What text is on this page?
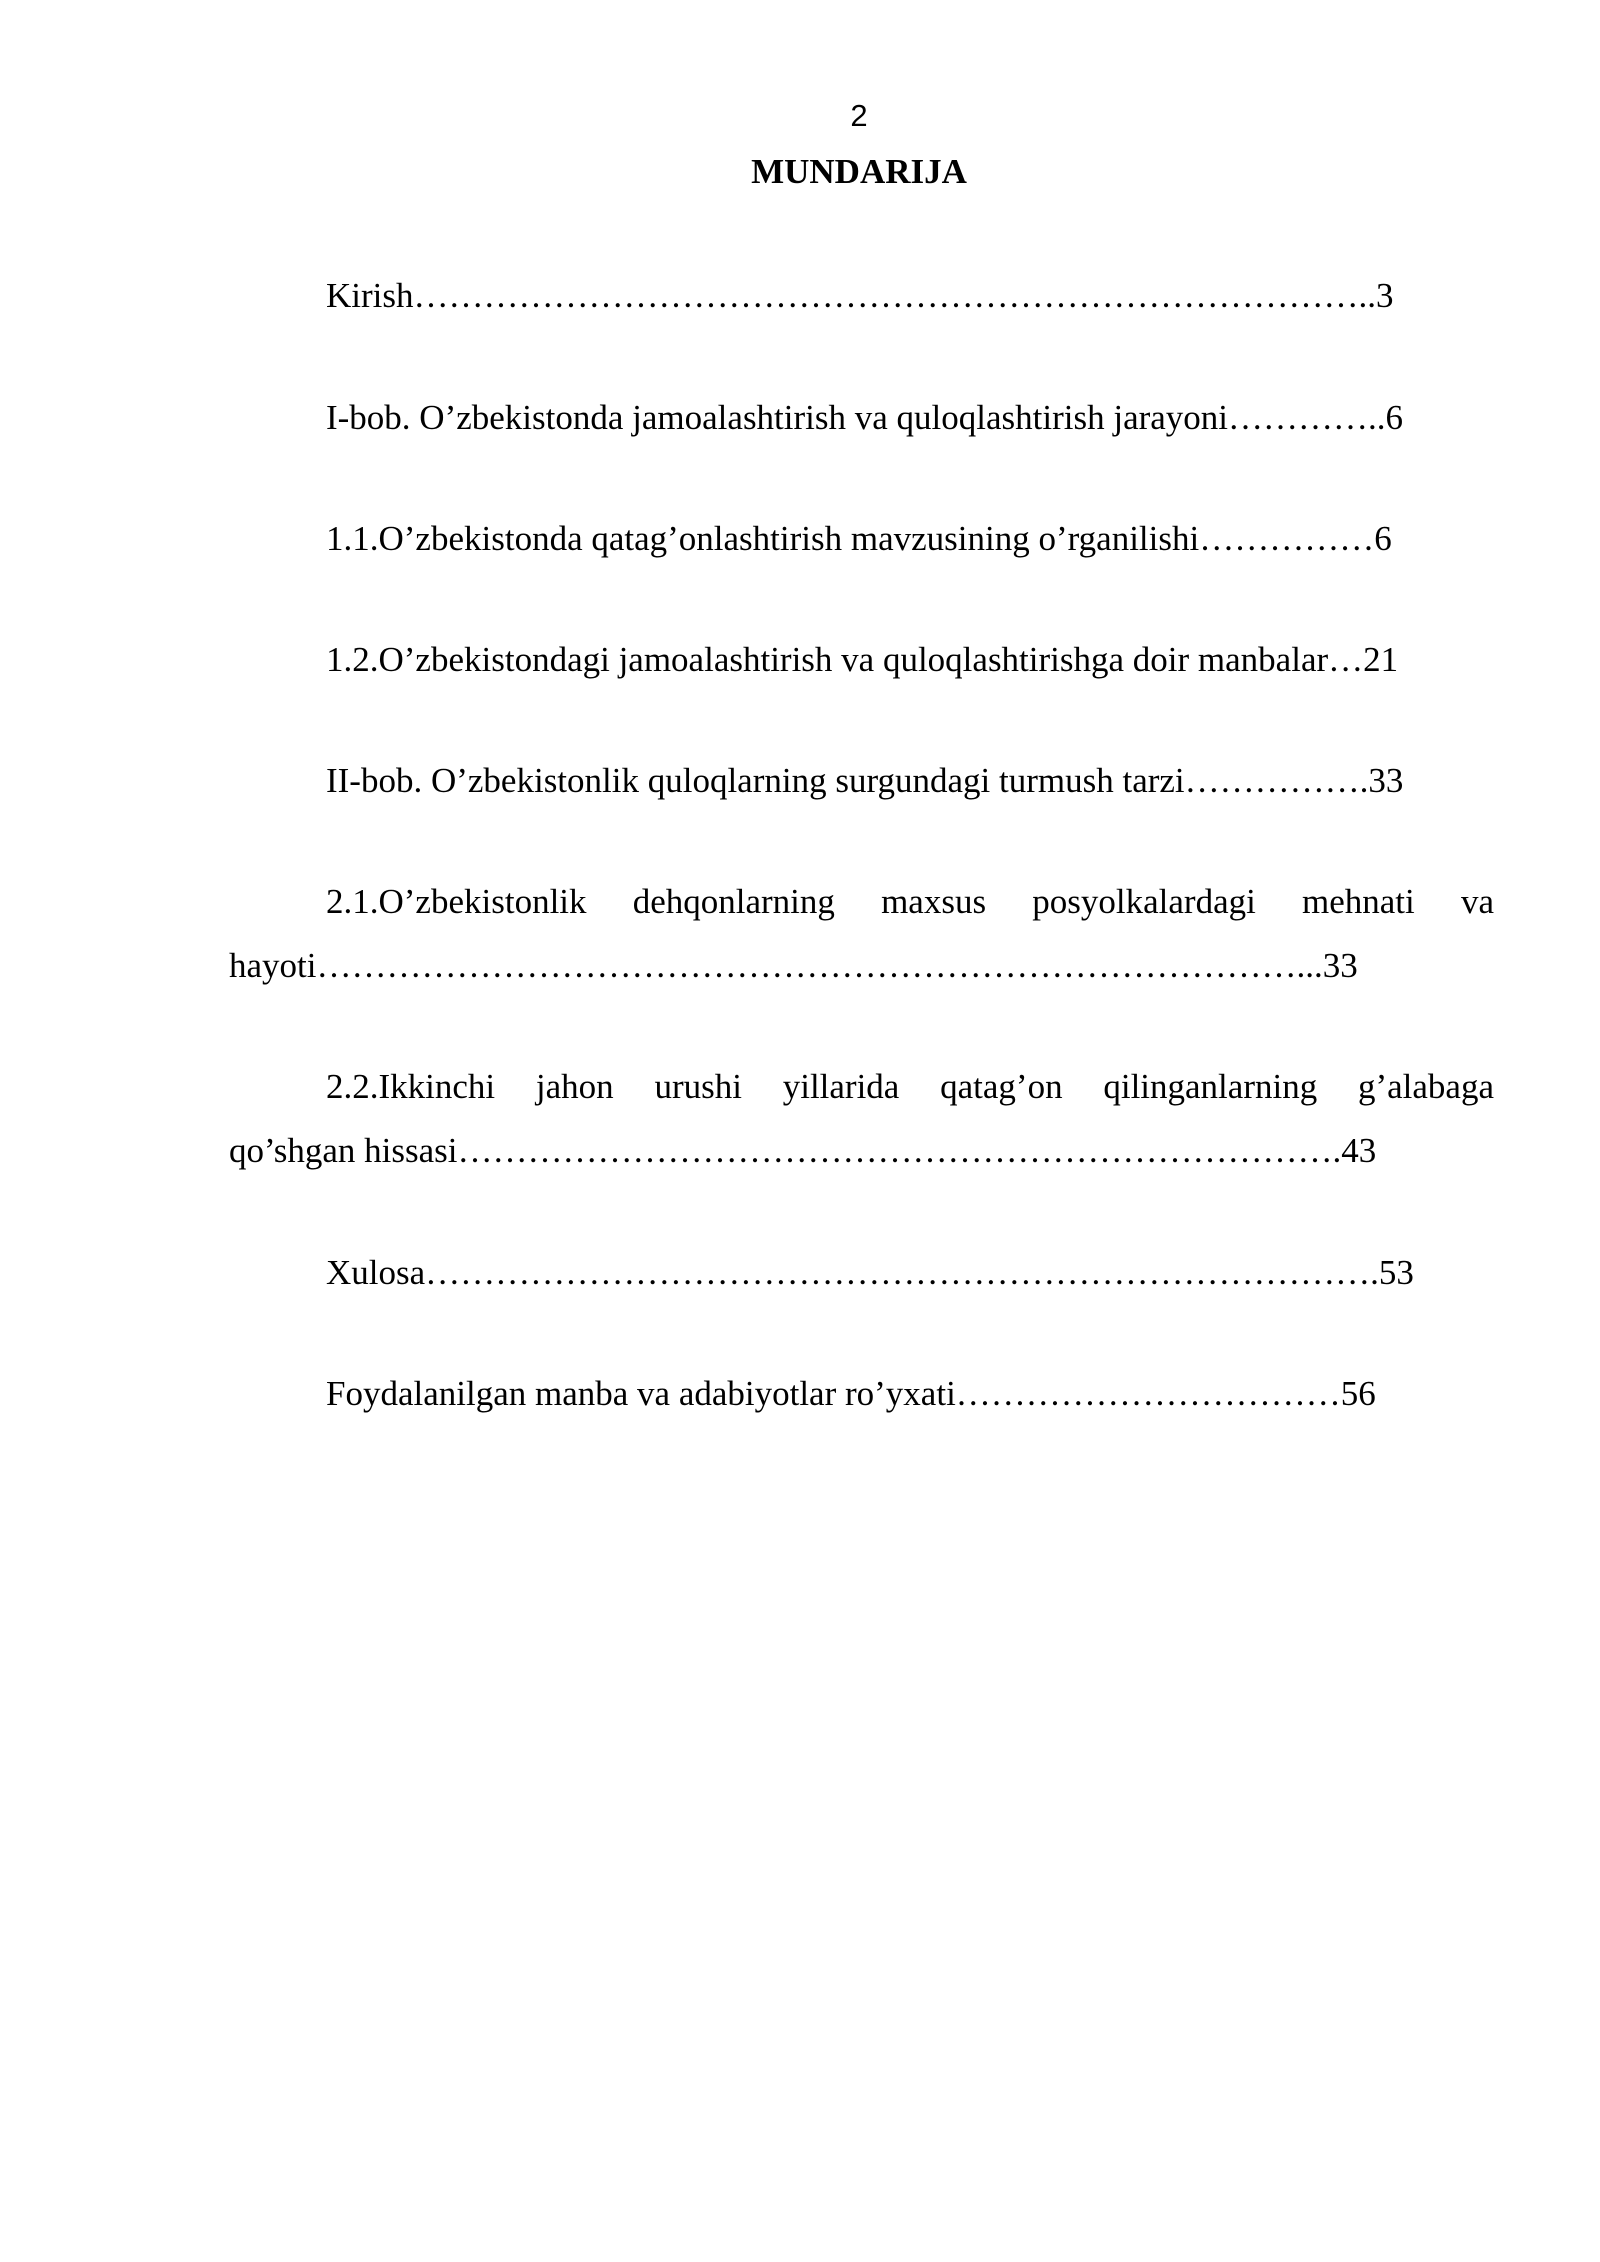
2
MUNDARIJA
Kirish………………………………………………………………………..3
I-bob. O’zbekistonda jamoalashtirish va quloqlashtirish jarayoni…………..6
1.1.O’zbekistonda qatag’onlashtirish mavzusining o’rganilishi……………6
1.2.O’zbekistondagi jamoalashtirish va quloqlashtirishga doir manbalar…21
II-bob. O’zbekistonlik quloqlarning surgundagi turmush tarzi…………….33
2.1.O’zbekistonlik dehqonlarning maxsus posyolkalardagi mehnati va
hayoti…………………………………………………………………………...33
2.2.Ikkinchi jahon urushi yillarida qatag’on qilinganlarning g’alabaga
qo’shgan hissasi………………………………………………………………….43
Xulosa……………………………………………………………………….53
Foydalanilgan manba va adabiyotlar ro’yxati……………………………56
